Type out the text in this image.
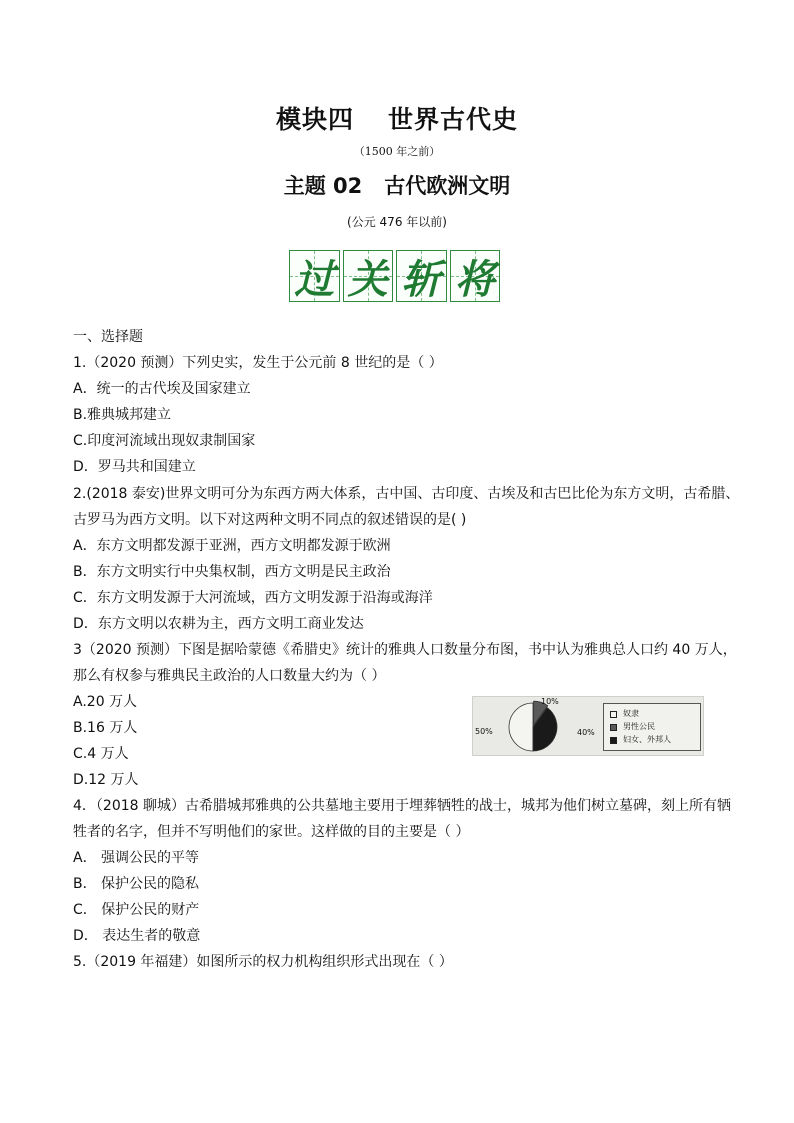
模块四 世界古代史
（1500 年之前）
主题 02 古代欧洲文明
(公元 476 年以前)
过 关 斩 将
一、选择题
1.（2020 预测）下列史实，发生于公元前 8 世纪的是（ ）
A．统一的古代埃及国家建立
B.雅典城邦建立
C.印度河流域出现奴隶制国家
D．罗马共和国建立
2.(2018 泰安)世界文明可分为东西方两大体系，古中国、古印度、古埃及和古巴比伦为东方文明，古希腊、
古罗马为西方文明。以下对这两种文明不同点的叙述错误的是( )
A．东方文明都发源于亚洲，西方文明都发源于欧洲
B．东方文明实行中央集权制，西方文明是民主政治
C．东方文明发源于大河流域，西方文明发源于沿海或海洋
D．东方文明以农耕为主，西方文明工商业发达
3（2020 预测）下图是据哈蒙德《希腊史》统计的雅典人口数量分布图，书中认为雅典总人口约 40 万人，
那么有权参与雅典民主政治的人口数量大约为（ ）
A.20 万人
B.16 万人
C.4 万人
D.12 万人
50%
10%
40%
奴隶
男性公民
妇女、外邦人
4．（2018 聊城）古希腊城邦雅典的公共墓地主要用于埋葬牺牲的战士，城邦为他们树立墓碑，刻上所有牺
牲者的名字，但并不写明他们的家世。这样做的目的主要是（ ）
A． 强调公民的平等
B． 保护公民的隐私
C． 保护公民的财产
D． 表达生者的敬意
5.（2019 年福建）如图所示的权力机构组织形式出现在（ ）
